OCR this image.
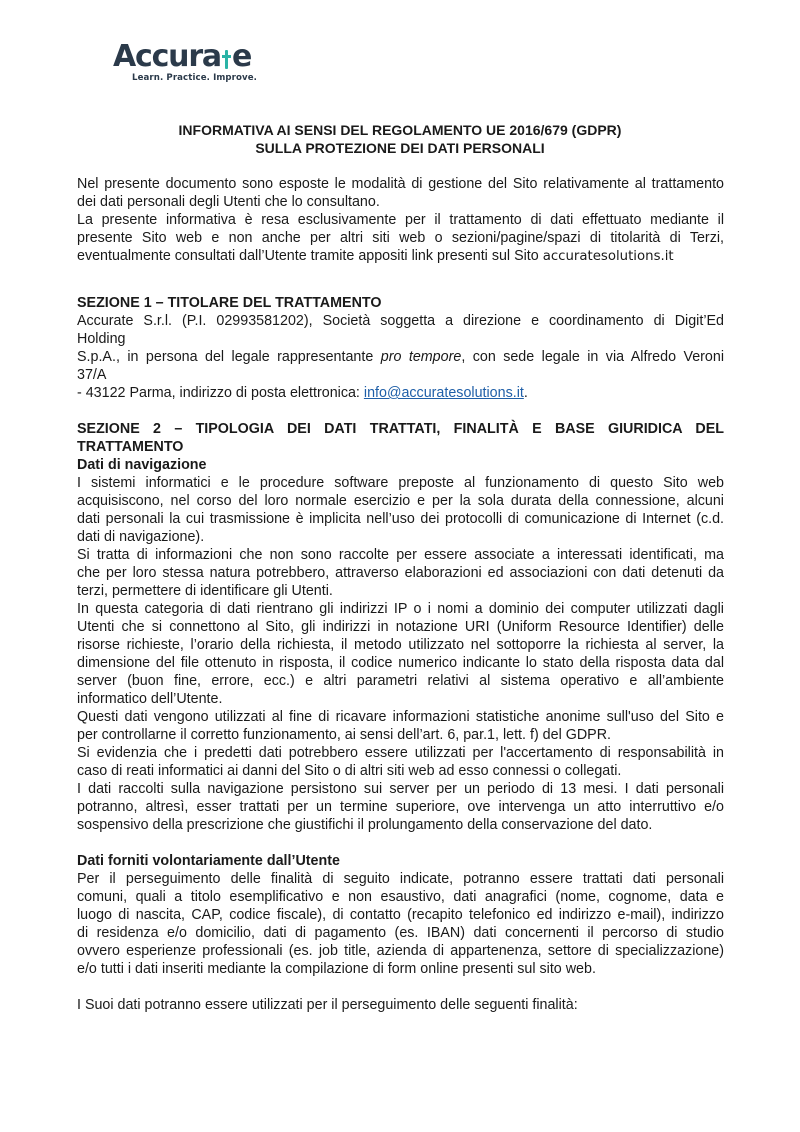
Accura e
Learn. Practice. Improve.
INFORMATIVA AI SENSI DEL REGOLAMENTO UE 2016/679 (GDPR)
SULLA PROTEZIONE DEI DATI PERSONALI

Nel presente documento sono esposte le modalità di gestione del Sito relativamente al trattamento

dei dati personali degli Utenti che lo consultano.

La presente informativa è resa esclusivamente per il trattamento di dati effettuato mediante il

presente Sito web e non anche per altri siti web o sezioni/pagine/spazi di titolarità di Terzi,

eventualmente consultati dall’Utente tramite appositi link presenti sul Sito accuratesolutions.it

SEZIONE 1 – TITOLARE DEL TRATTAMENTO

Accurate S.r.l. (P.I. 02993581202), Società soggetta a direzione e coordinamento di Digit’Ed

Holding

S.p.A., in persona del legale rappresentante pro tempore, con sede legale in via Alfredo Veroni

37/A

- 43122 Parma, indirizzo di posta elettronica: info@accuratesolutions.it.

SEZIONE 2 – TIPOLOGIA DEI DATI TRATTATI, FINALITÀ E BASE GIURIDICA DEL

TRATTAMENTO

Dati di navigazione

I sistemi informatici e le procedure software preposte al funzionamento di questo Sito web

acquisiscono, nel corso del loro normale esercizio e per la sola durata della connessione, alcuni

dati personali la cui trasmissione è implicita nell’uso dei protocolli di comunicazione di Internet (c.d.

dati di navigazione).

Si tratta di informazioni che non sono raccolte per essere associate a interessati identificati, ma

che per loro stessa natura potrebbero, attraverso elaborazioni ed associazioni con dati detenuti da

terzi, permettere di identificare gli Utenti.

In questa categoria di dati rientrano gli indirizzi IP o i nomi a dominio dei computer utilizzati dagli

Utenti che si connettono al Sito, gli indirizzi in notazione URI (Uniform Resource Identifier) delle

risorse richieste, l’orario della richiesta, il metodo utilizzato nel sottoporre la richiesta al server, la

dimensione del file ottenuto in risposta, il codice numerico indicante lo stato della risposta data dal

server (buon fine, errore, ecc.) e altri parametri relativi al sistema operativo e all’ambiente

informatico dell’Utente.

Questi dati vengono utilizzati al fine di ricavare informazioni statistiche anonime sull'uso del Sito e

per controllarne il corretto funzionamento, ai sensi dell’art. 6, par.1, lett. f) del GDPR.

Si evidenzia che i predetti dati potrebbero essere utilizzati per l'accertamento di responsabilità in

caso di reati informatici ai danni del Sito o di altri siti web ad esso connessi o collegati.

I dati raccolti sulla navigazione persistono sui server per un periodo di 13 mesi. I dati personali

potranno, altresì, esser trattati per un termine superiore, ove intervenga un atto interruttivo e/o

sospensivo della prescrizione che giustifichi il prolungamento della conservazione del dato.

Dati forniti volontariamente dall’Utente

Per il perseguimento delle finalità di seguito indicate, potranno essere trattati dati personali

comuni, quali a titolo esemplificativo e non esaustivo, dati anagrafici (nome, cognome, data e

luogo di nascita, CAP, codice fiscale), di contatto (recapito telefonico ed indirizzo e-mail), indirizzo

di residenza e/o domicilio, dati di pagamento (es. IBAN) dati concernenti il percorso di studio

ovvero esperienze professionali (es. job title, azienda di appartenenza, settore di specializzazione)

e/o tutti i dati inseriti mediante la compilazione di form online presenti sul sito web.

I Suoi dati potranno essere utilizzati per il perseguimento delle seguenti finalità:
